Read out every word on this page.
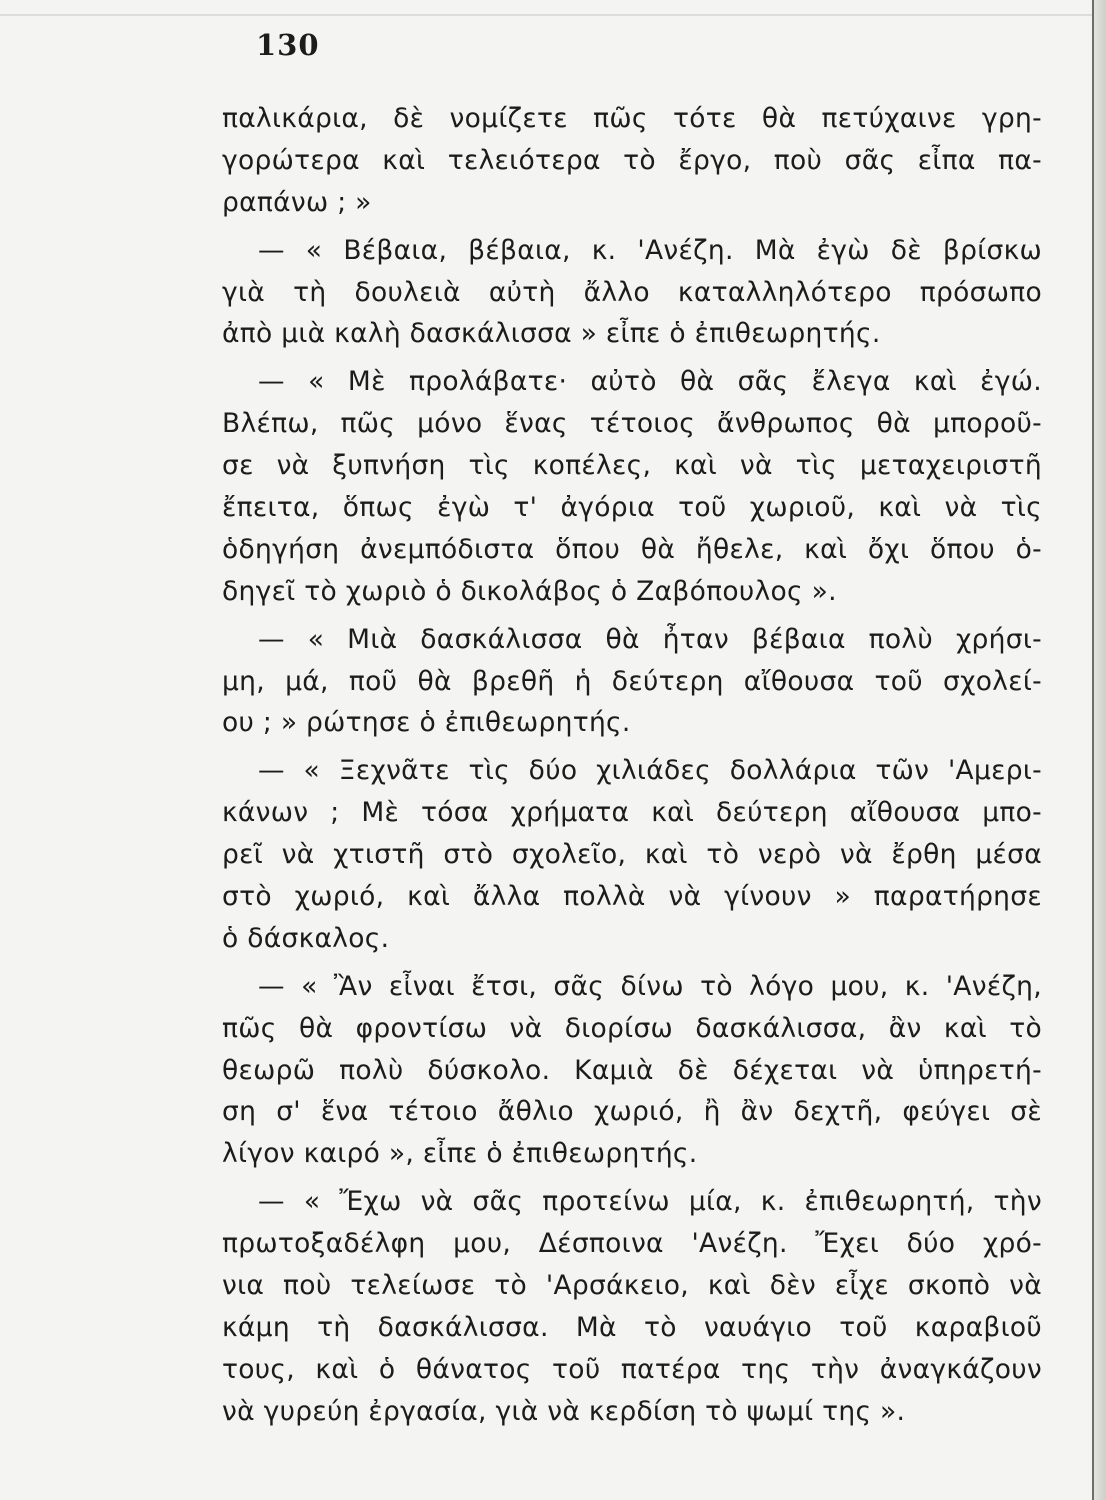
130
παλικάρια, δὲ νομίζετε πῶς τότε θὰ πετύχαινε γρη-
γορώτερα καὶ τελειότερα τὸ ἔργο, ποὺ σᾶς εἶπα πα-
ραπάνω ; »
— « Βέβαια, βέβαια, κ. 'Ανέζη. Μὰ ἐγὼ δὲ βρίσκω
γιὰ τὴ δουλειὰ αὐτὴ ἄλλο καταλληλότερο πρόσωπο
ἀπὸ μιὰ καλὴ δασκάλισσα » εἶπε ὁ ἐπιθεωρητής.
— « Μὲ προλάβατε· αὐτὸ θὰ σᾶς ἔλεγα καὶ ἐγώ.
Βλέπω, πῶς μόνο ἕνας τέτοιος ἄνθρωπος θὰ μποροῦ-
σε νὰ ξυπνήση τὶς κοπέλες, καὶ νὰ τὶς μεταχειριστῆ
ἔπειτα, ὅπως ἐγὼ τ' ἀγόρια τοῦ χωριοῦ, καὶ νὰ τὶς
ὁδηγήση ἀνεμπόδιστα ὅπου θὰ ἤθελε, καὶ ὄχι ὅπου ὁ-
δηγεῖ τὸ χωριὸ ὁ δικολάβος ὁ Ζαβόπουλος ».
— « Μιὰ δασκάλισσα θὰ ἦταν βέβαια πολὺ χρήσι-
μη, μά, ποῦ θὰ βρεθῆ ἡ δεύτερη αἴθουσα τοῦ σχολεί-
ου ; » ρώτησε ὁ ἐπιθεωρητής.
— « Ξεχνᾶτε τὶς δύο χιλιάδες δολλάρια τῶν 'Αμερι-
κάνων ; Μὲ τόσα χρήματα καὶ δεύτερη αἴθουσα μπο-
ρεῖ νὰ χτιστῆ στὸ σχολεῖο, καὶ τὸ νερὸ νὰ ἔρθη μέσα
στὸ χωριό, καὶ ἄλλα πολλὰ νὰ γίνουν » παρατήρησε
ὁ δάσκαλος.
— « Ἂν εἶναι ἔτσι, σᾶς δίνω τὸ λόγο μου, κ. 'Ανέζη,
πῶς θὰ φροντίσω νὰ διορίσω δασκάλισσα, ἂν καὶ τὸ
θεωρῶ πολὺ δύσκολο. Καμιὰ δὲ δέχεται νὰ ὑπηρετή-
ση σ' ἕνα τέτοιο ἄθλιο χωριό, ἢ ἂν δεχτῆ, φεύγει σὲ
λίγον καιρό », εἶπε ὁ ἐπιθεωρητής.
— « Ἔχω νὰ σᾶς προτείνω μία, κ. ἐπιθεωρητή, τὴν
πρωτοξαδέλφη μου, Δέσποινα 'Ανέζη. Ἔχει δύο χρό-
νια ποὺ τελείωσε τὸ 'Αρσάκειο, καὶ δὲν εἶχε σκοπὸ νὰ
κάμη τὴ δασκάλισσα. Μὰ τὸ ναυάγιο τοῦ καραβιοῦ
τους, καὶ ὁ θάνατος τοῦ πατέρα της τὴν ἀναγκάζουν
νὰ γυρεύη ἐργασία, γιὰ νὰ κερδίση τὸ ψωμί της ».
